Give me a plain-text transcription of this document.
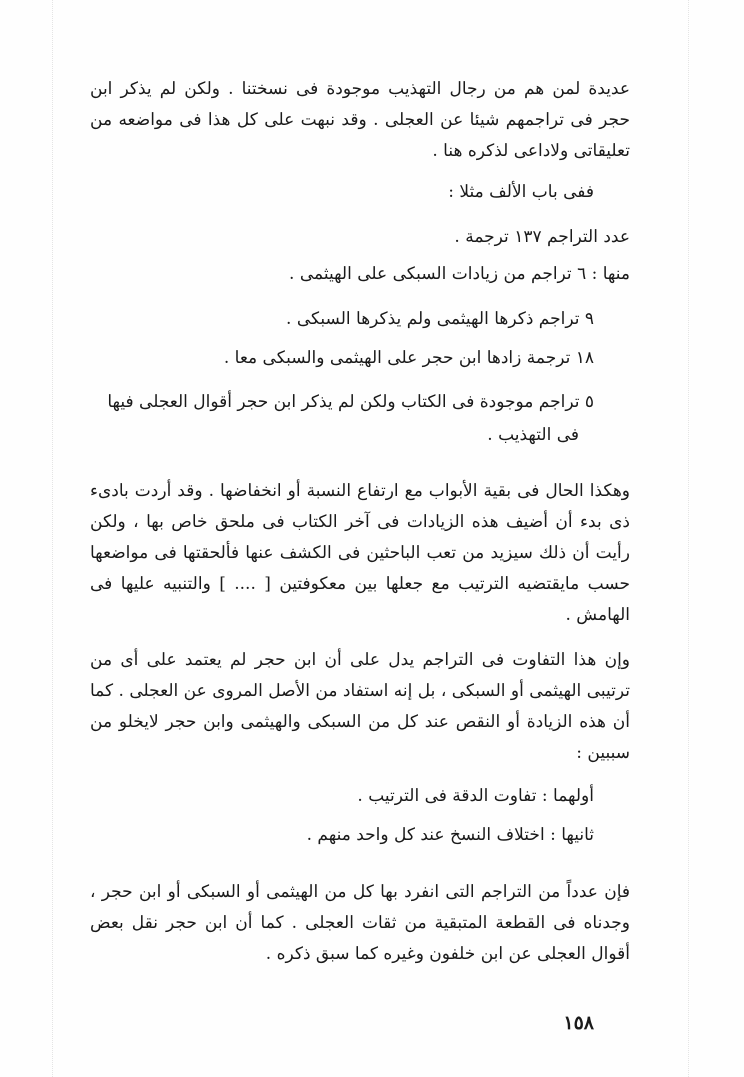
عديدة لمن هم من رجال التهذيب موجودة فى نسختنا . ولكن لم يذكر ابن حجر فى تراجمهم شيئا عن العجلى . وقد نبهت على كل هذا فى مواضعه من تعليقاتى ولاداعى لذكره هنا .

ففى باب الألف مثلا :
عدد التراجم ١٣٧ ترجمة .
منها : ٦ تراجم من زيادات السبكى على الهيثمى .
٩ تراجم ذكرها الهيثمى ولم يذكرها السبكى .
١٨ ترجمة زادها ابن حجر على الهيثمى والسبكى معا .
٥ تراجم موجودة فى الكتاب ولكن لم يذكر ابن حجر أقوال العجلى فيها
فى التهذيب .

وهكذا الحال فى بقية الأبواب مع ارتفاع النسبة أو انخفاضها . وقد أردت بادىء ذى بدء أن أضيف هذه الزيادات فى آخر الكتاب فى ملحق خاص بها ، ولكن رأيت أن ذلك سيزيد من تعب الباحثين فى الكشف عنها فألحقتها فى مواضعها حسب مايقتضيه الترتيب مع جعلها بين معكوفتين [ .... ] والتنبيه عليها فى الهامش .

وإن هذا التفاوت فى التراجم يدل على أن ابن حجر لم يعتمد على أى من ترتيبى الهيثمى أو السبكى ، بل إنه استفاد من الأصل المروى عن العجلى . كما أن هذه الزيادة أو النقص عند كل من السبكى والهيثمى وابن حجر لايخلو من سببين :

أولهما : تفاوت الدقة فى الترتيب .
ثانيها : اختلاف النسخ عند كل واحد منهم .

فإن عدداً من التراجم التى انفرد بها كل من الهيثمى أو السبكى أو ابن حجر ، وجدناه فى القطعة المتبقية من ثقات العجلى . كما أن ابن حجر نقل بعض أقوال العجلى عن ابن خلفون وغيره كما سبق ذكره .

١٥٨
